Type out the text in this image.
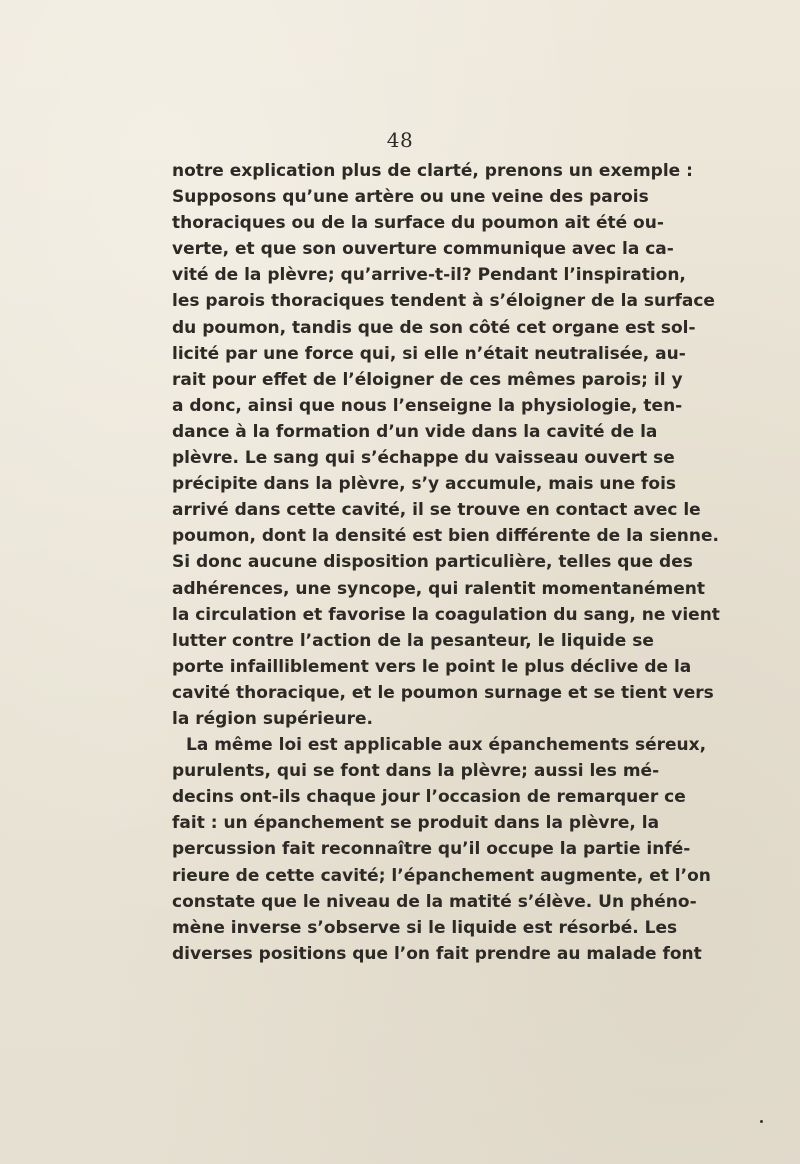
48
notre explication plus de clarté, prenons un exemple :
Supposons qu’une artère ou une veine des parois
thoraciques ou de la surface du poumon ait été ou-
verte, et que son ouverture communique avec la ca-
vité de la plèvre; qu’arrive-t-il? Pendant l’inspiration,
les parois thoraciques tendent à s’éloigner de la surface
du poumon, tandis que de son côté cet organe est sol-
licité par une force qui, si elle n’était neutralisée, au-
rait pour effet de l’éloigner de ces mêmes parois; il y
a donc, ainsi que nous l’enseigne la physiologie, ten-
dance à la formation d’un vide dans la cavité de la
plèvre. Le sang qui s’échappe du vaisseau ouvert se
précipite dans la plèvre, s’y accumule, mais une fois
arrivé dans cette cavité, il se trouve en contact avec le
poumon, dont la densité est bien différente de la sienne.
Si donc aucune disposition particulière, telles que des
adhérences, une syncope, qui ralentit momentanément
la circulation et favorise la coagulation du sang, ne vient
lutter contre l’action de la pesanteur, le liquide se
porte infailliblement vers le point le plus déclive de la
cavité thoracique, et le poumon surnage et se tient vers
la région supérieure.
La même loi est applicable aux épanchements séreux,
purulents, qui se font dans la plèvre; aussi les mé-
decins ont-ils chaque jour l’occasion de remarquer ce
fait : un épanchement se produit dans la plèvre, la
percussion fait reconnaître qu’il occupe la partie infé-
rieure de cette cavité; l’épanchement augmente, et l’on
constate que le niveau de la matité s’élève. Un phéno-
mène inverse s’observe si le liquide est résorbé. Les
diverses positions que l’on fait prendre au malade font
